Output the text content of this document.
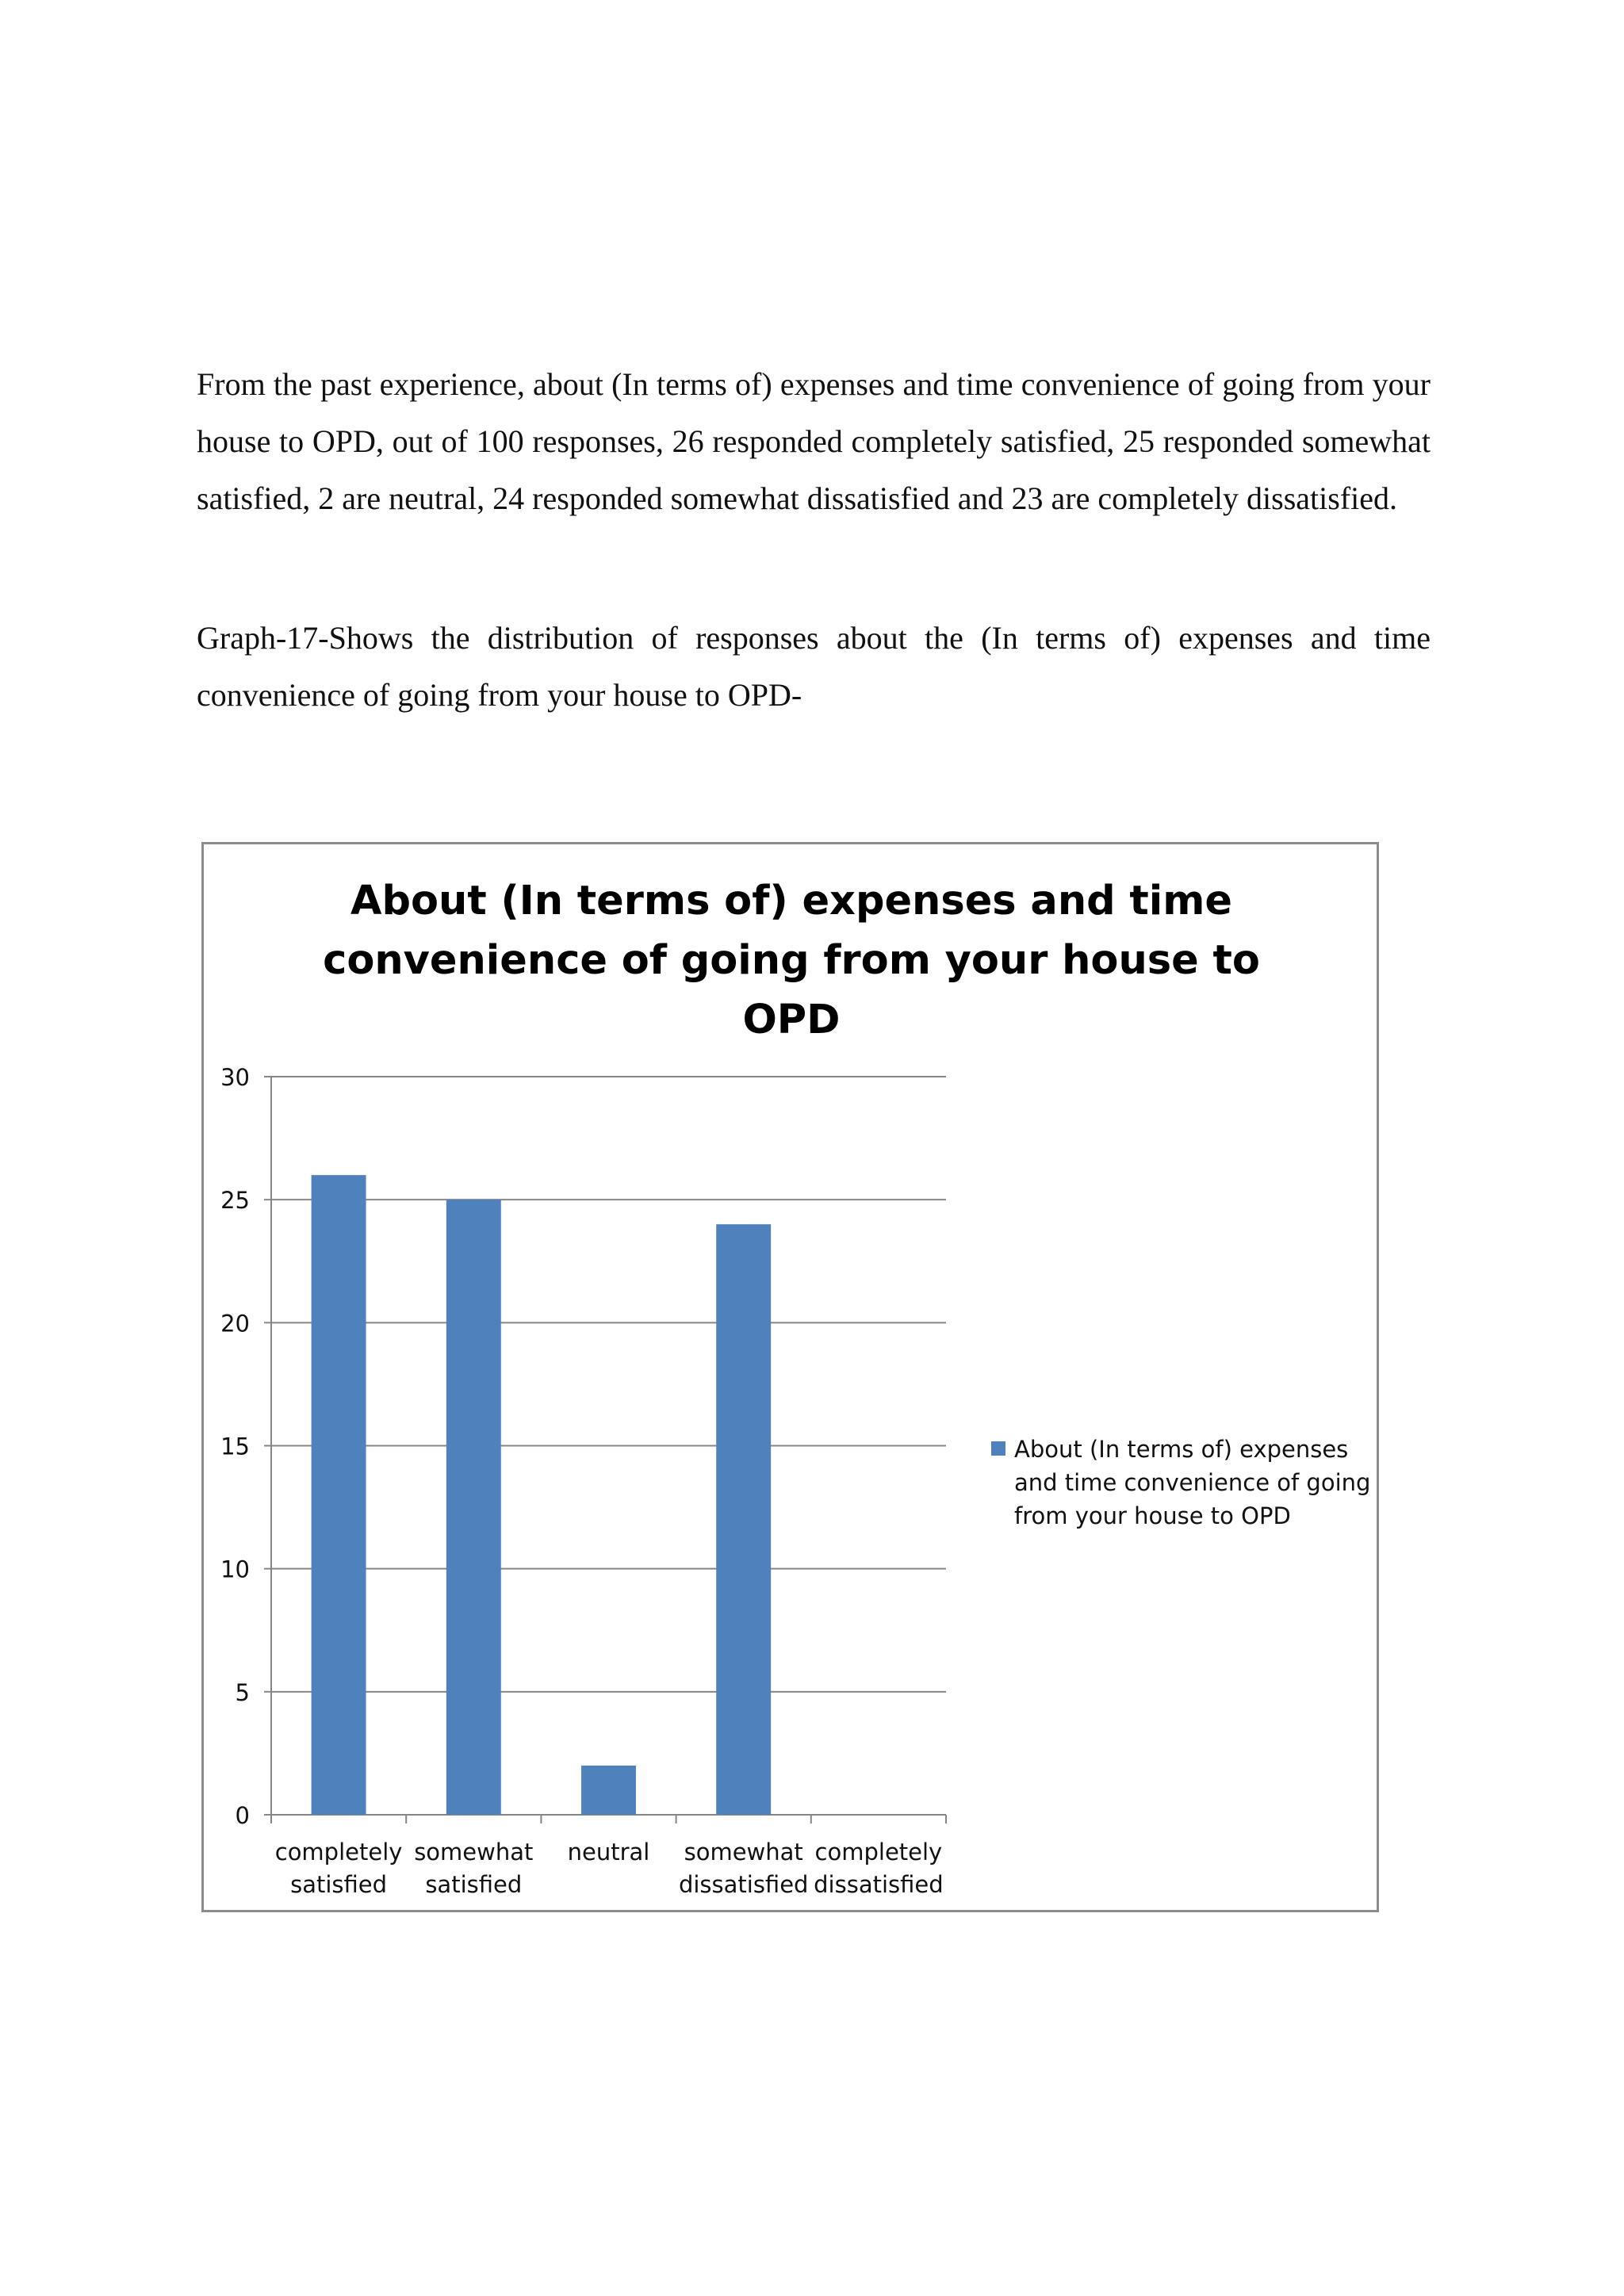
From the past experience, about (In terms of) expenses and time convenience of going from your house to OPD, out of 100 responses, 26 responded completely satisfied, 25 responded somewhat satisfied, 2 are neutral, 24 responded somewhat dissatisfied and 23 are completely dissatisfied.

Graph-17-Shows the distribution of responses about the (In terms of) expenses and time convenience of going from your house to OPD-

About (In terms of) expenses and time
convenience of going from your house to
OPD
0
5
10
15
20
25
30
completely
satisfied
somewhat
satisfied
neutral somewhat
dissatisfied
completely
dissatisfied
About (In terms of) expenses
and time convenience of going
from your house to OPD
